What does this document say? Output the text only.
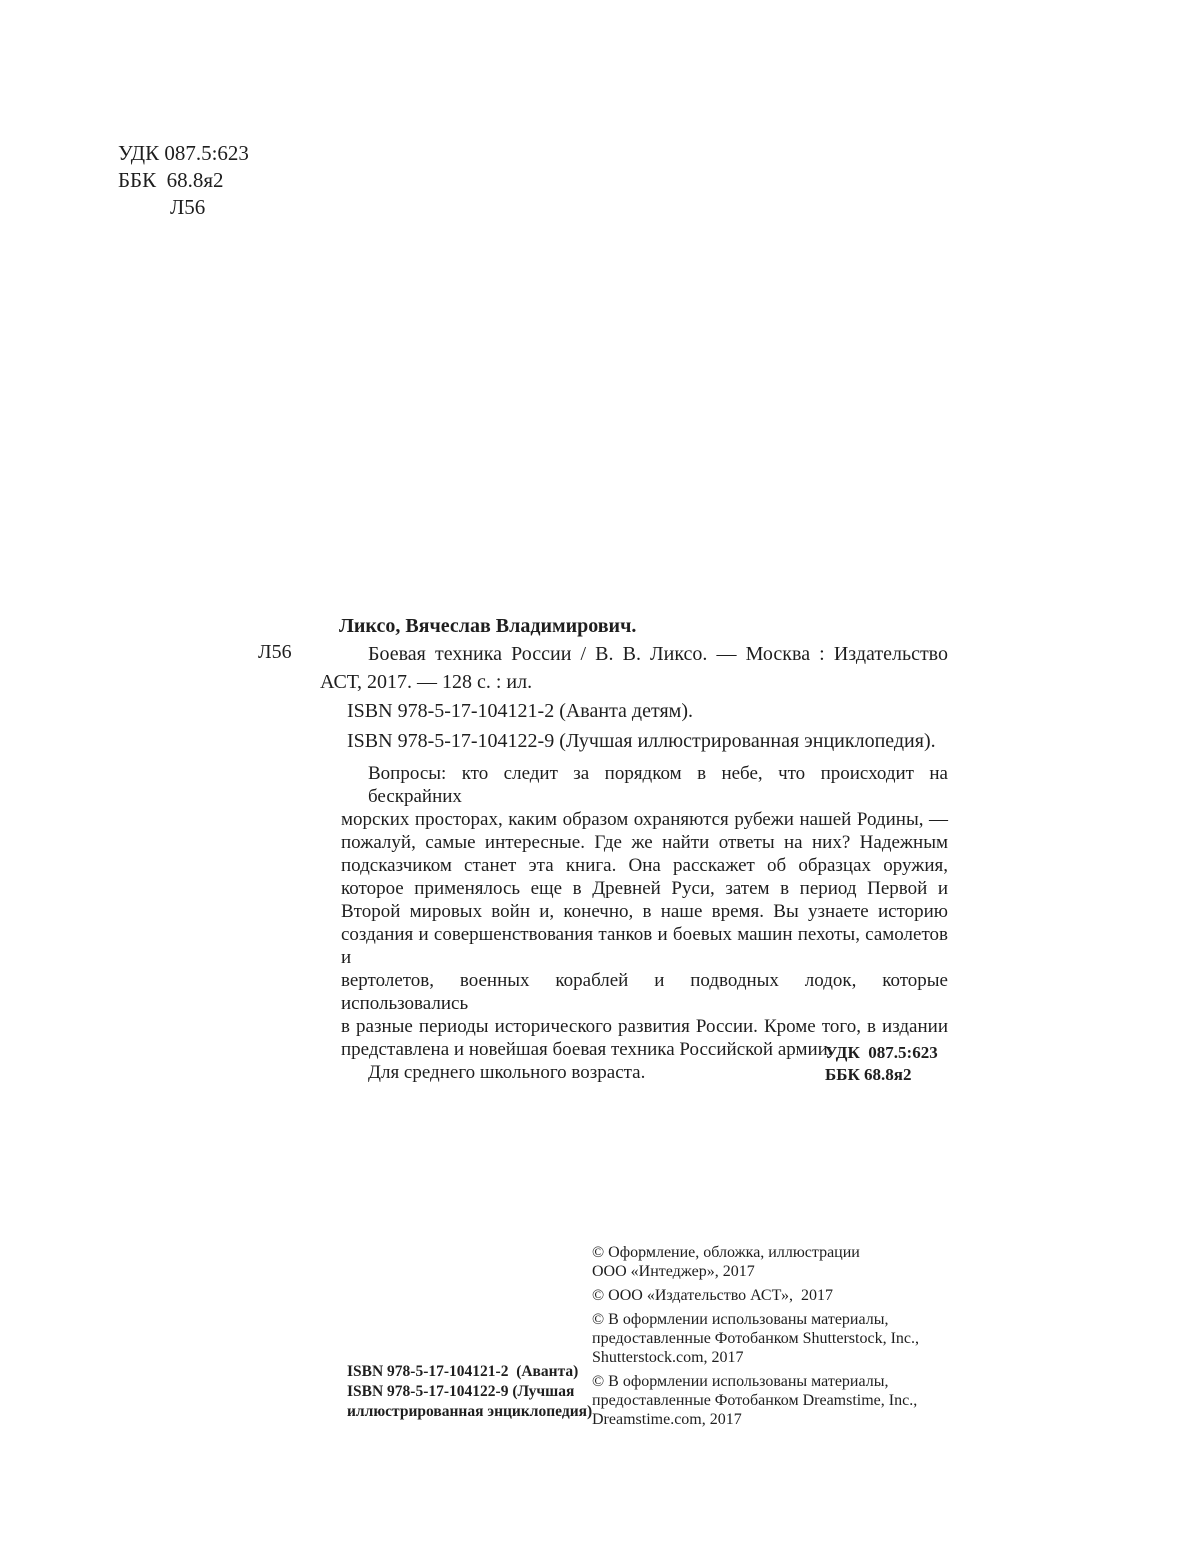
УДК 087.5:623
ББК  68.8я2
Л56
Л56
Ликсо, Вячеслав Владимирович.
Боевая техника России / В. В. Ликсо. — Москва : Издательство
АСТ, 2017. — 128 с. : ил.
ISBN 978-5-17-104121-2 (Аванта детям).
ISBN 978-5-17-104122-9 (Лучшая иллюстрированная энциклопедия).
Вопросы: кто следит за порядком в небе, что происходит на бескрайних
морских просторах, каким образом охраняются рубежи нашей Родины, —
пожалуй, самые интересные. Где же найти ответы на них? Надежным
подсказчиком станет эта книга. Она расскажет об образцах оружия,
которое применялось еще в Древней Руси, затем в период Первой и
Второй мировых войн и, конечно, в наше время. Вы узнаете историю
создания и совершенствования танков и боевых машин пехоты, самолетов и
вертолетов, военных кораблей и подводных лодок, которые использовались
в разные периоды исторического развития России. Кроме того, в издании
представлена и новейшая боевая техника Российской армии.
Для среднего школьного возраста.
УДК  087.5:623
ББК 68.8я2
© Оформление, обложка, иллюстрации
ООО «Интеджер», 2017
© ООО «Издательство АСТ»,  2017
© В оформлении использованы материалы,
предоставленные Фотобанком Shutterstock, Inc.,
Shutterstock.com, 2017
© В оформлении использованы материалы,
предоставленные Фотобанком Dreamstime, Inc.,
Dreamstime.com, 2017
ISBN 978-5-17-104121-2  (Аванта)
ISBN 978-5-17-104122-9 (Лучшая
иллюстрированная энциклопедия)
